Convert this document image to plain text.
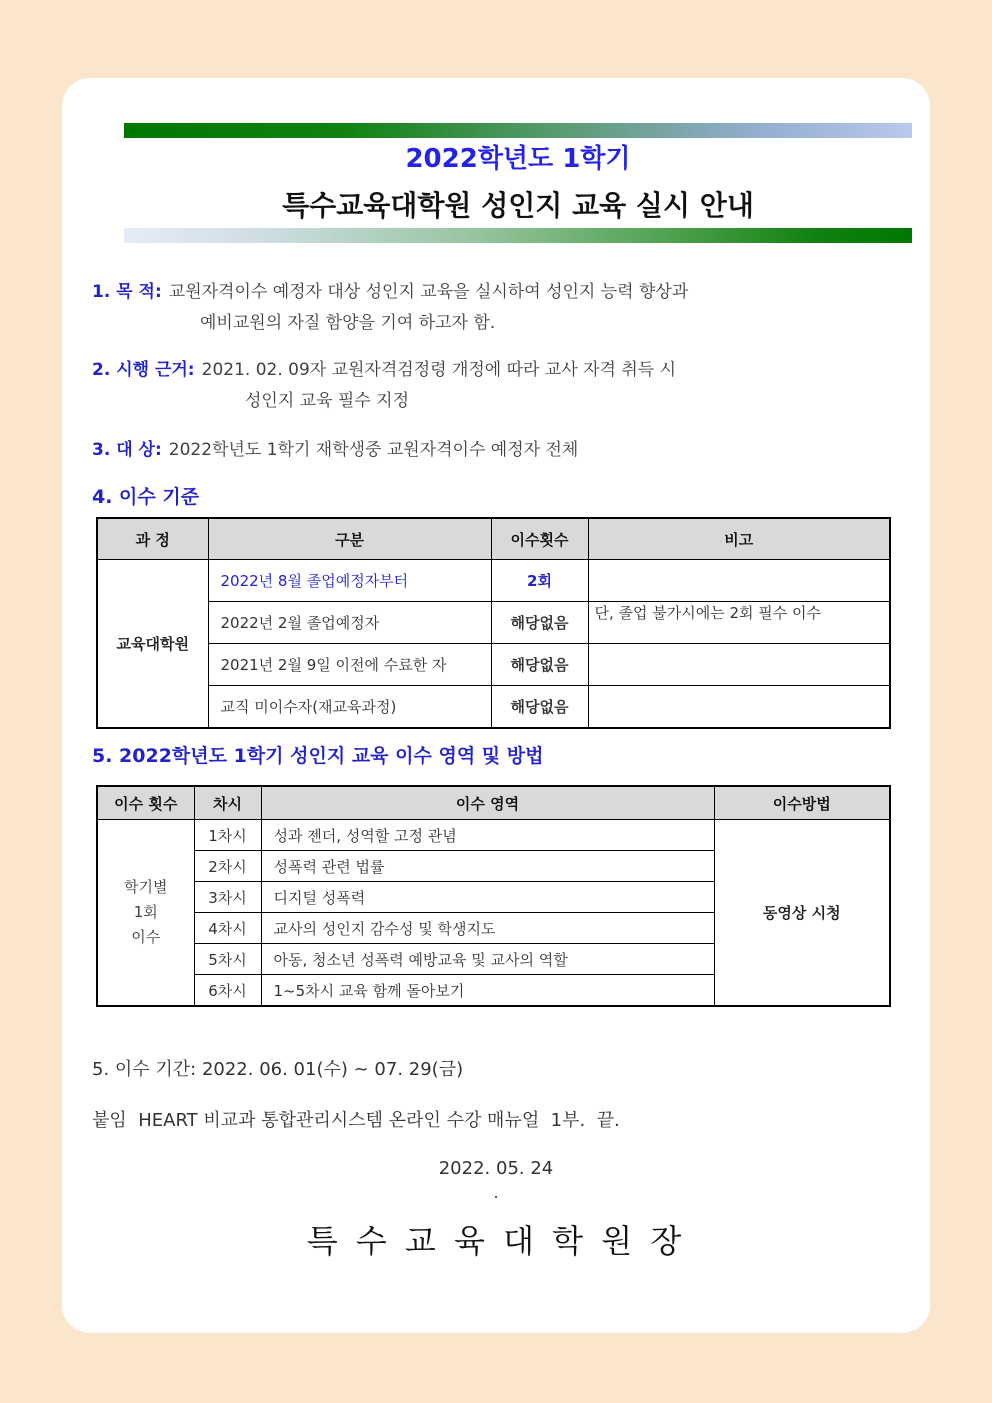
2022학년도 1학기
특수교육대학원 성인지 교육 실시 안내
1. 목 적: 교원자격이수 예정자 대상 성인지 교육을 실시하여 성인지 능력 향상과
예비교원의 자질 함양을 기여 하고자 함.
2. 시행 근거: 2021. 02. 09자 교원자격검정령 개정에 따라 교사 자격 취득 시
성인지 교육 필수 지정
3. 대 상: 2022학년도 1학기 재학생중 교원자격이수 예정자 전체
4. 이수 기준
과 정	구분	이수횟수	비고
교육대학원	2022년 8월 졸업예정자부터	2회	
	2022년 2월 졸업예정자	해당없음	단, 졸업 불가시에는 2회 필수 이수
	2021년 2월 9일 이전에 수료한 자	해당없음	
	교직 미이수자(재교육과정)	해당없음	
5. 2022학년도 1학기 성인지 교육 이수 영역 및 방법
이수 횟수	차시	이수 영역	이수방법

학기별
1회
이수	1차시	성과 젠더, 성역할 고정 관념	동영상 시청
	2차시	성폭력 관련 법률	
	3차시	디지털 성폭력	
	4차시	교사의 성인지 감수성 및 학생지도	
	5차시	아동, 청소년 성폭력 예방교육 및 교사의 역할	
	6차시	1~5차시 교육 함께 돌아보기	
5. 이수 기간: 2022. 06. 01(수) ~ 07. 29(금)
붙임  HEART 비교과 통합관리시스템 온라인 수강 매뉴얼  1부.  끝.
2022. 05. 24
.
특 수 교 육 대 학 원 장
